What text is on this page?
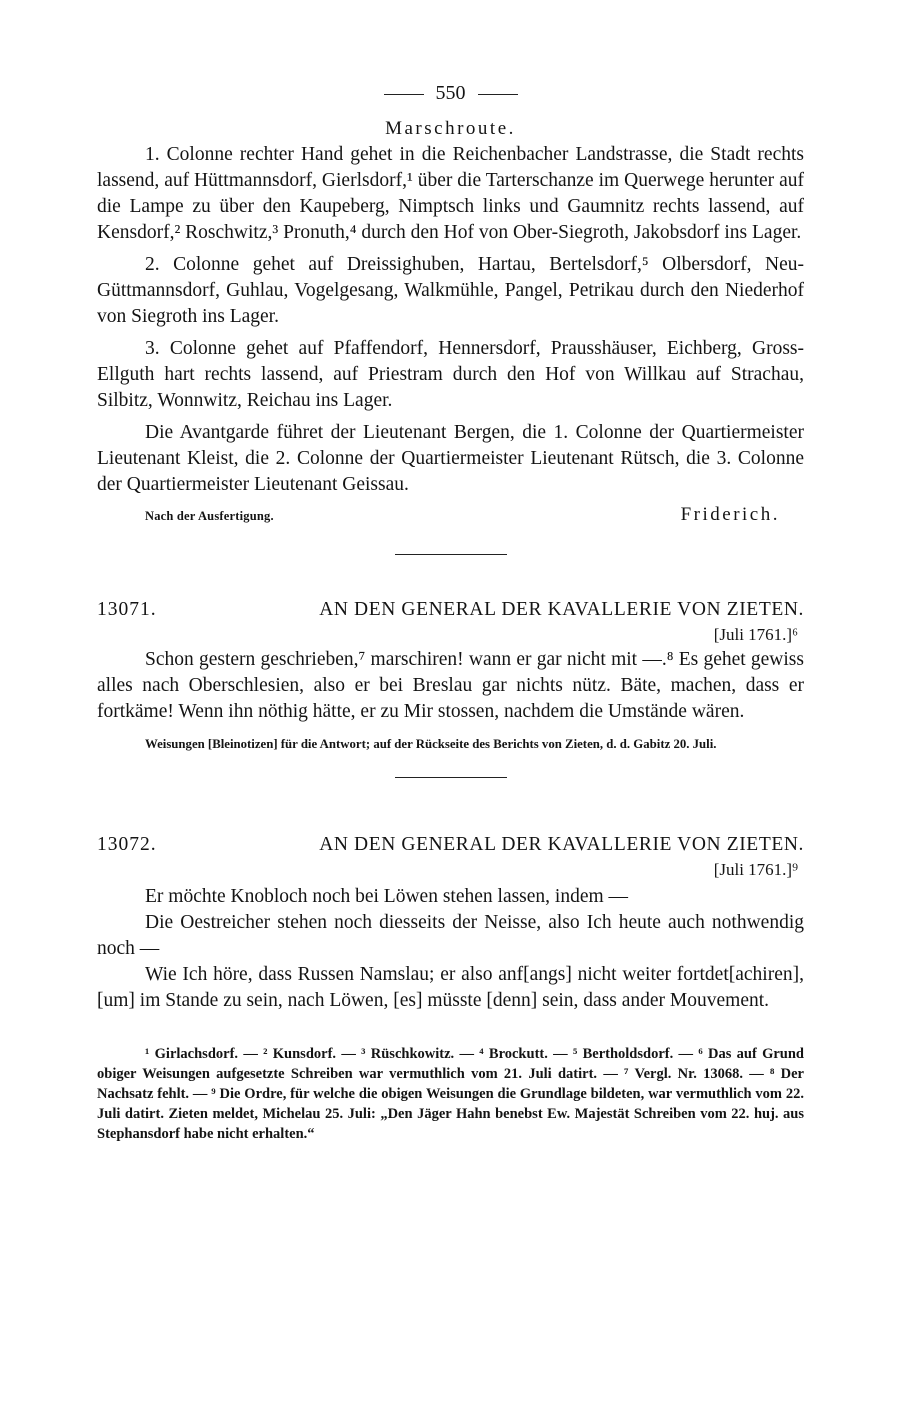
550
Marschroute.

1. Colonne rechter Hand gehet in die Reichenbacher Landstrasse, die Stadt rechts lassend, auf Hüttmannsdorf, Gierlsdorf,¹ über die Tarterschanze im Querwege herunter auf die Lampe zu über den Kaupeberg, Nimptsch links und Gaumnitz rechts lassend, auf Kensdorf,² Roschwitz,³ Pronuth,⁴ durch den Hof von Ober-Siegroth, Jakobsdorf ins Lager.

2. Colonne gehet auf Dreissighuben, Hartau, Bertelsdorf,⁵ Olbersdorf, Neu-Güttmannsdorf, Guhlau, Vogelgesang, Walkmühle, Pangel, Petrikau durch den Niederhof von Siegroth ins Lager.

3. Colonne gehet auf Pfaffendorf, Hennersdorf, Prausshäuser, Eichberg, Gross-Ellguth hart rechts lassend, auf Priestram durch den Hof von Willkau auf Strachau, Silbitz, Wonnwitz, Reichau ins Lager.

Die Avantgarde führet der Lieutenant Bergen, die 1. Colonne der Quartiermeister Lieutenant Kleist, die 2. Colonne der Quartiermeister Lieutenant Rütsch, die 3. Colonne der Quartiermeister Lieutenant Geissau.

Nach der Ausfertigung.	Friderich.
13071.	AN DEN GENERAL DER KAVALLERIE VON ZIETEN.
[Juli 1761.]⁶

Schon gestern geschrieben,⁷ marschiren! wann er gar nicht mit —.⁸ Es gehet gewiss alles nach Oberschlesien, also er bei Breslau gar nichts nütz. Bäte, machen, dass er fortkäme! Wenn ihn nöthig hätte, er zu Mir stossen, nachdem die Umstände wären.

Weisungen [Bleinotizen] für die Antwort; auf der Rückseite des Berichts von Zieten, d. d. Gabitz 20. Juli.

13072.	AN DEN GENERAL DER KAVALLERIE VON ZIETEN.
[Juli 1761.]⁹

Er möchte Knobloch noch bei Löwen stehen lassen, indem —

Die Oestreicher stehen noch diesseits der Neisse, also Ich heute auch nothwendig noch —

Wie Ich höre, dass Russen Namslau; er also anf[angs] nicht weiter fortdet[achiren], [um] im Stande zu sein, nach Löwen, [es] müsste [denn] sein, dass ander Mouvement.

¹ Girlachsdorf. — ² Kunsdorf. — ³ Rüschkowitz. — ⁴ Brockutt. — ⁵ Bertholdsdorf. — ⁶ Das auf Grund obiger Weisungen aufgesetzte Schreiben war vermuthlich vom 21. Juli datirt. — ⁷ Vergl. Nr. 13068. — ⁸ Der Nachsatz fehlt. — ⁹ Die Ordre, für welche die obigen Weisungen die Grundlage bildeten, war vermuthlich vom 22. Juli datirt. Zieten meldet, Michelau 25. Juli: „Den Jäger Hahn benebst Ew. Majestät Schreiben vom 22. huj. aus Stephansdorf habe nicht erhalten.“
